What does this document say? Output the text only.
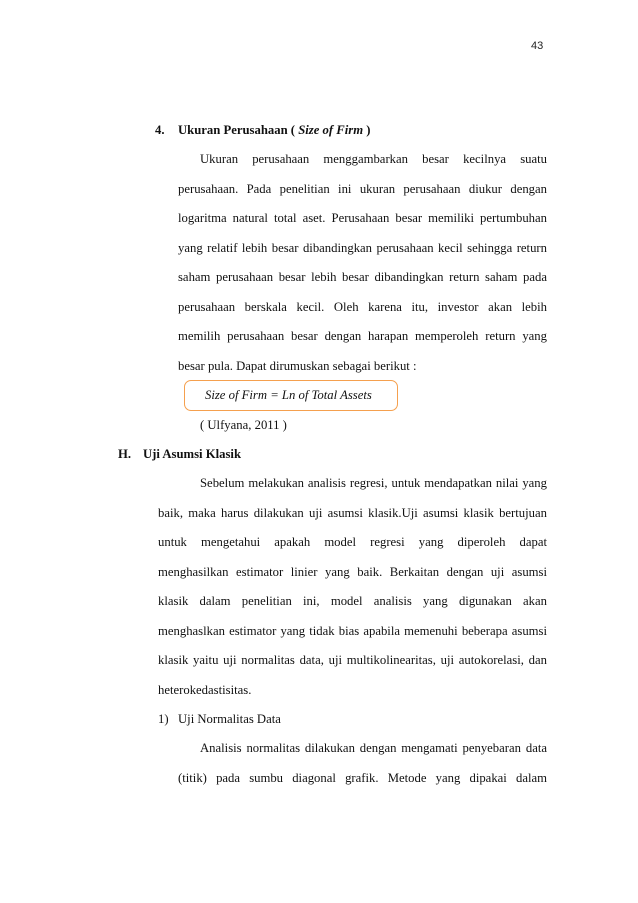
43
4. Ukuran Perusahaan ( Size of Firm )
Ukuran perusahaan menggambarkan besar kecilnya suatu
perusahaan. Pada penelitian ini ukuran perusahaan diukur dengan
logaritma natural total aset. Perusahaan besar memiliki pertumbuhan
yang relatif lebih besar dibandingkan perusahaan kecil sehingga return
saham perusahaan besar lebih besar dibandingkan return saham pada
perusahaan berskala kecil. Oleh karena itu, investor akan lebih
memilih perusahaan besar dengan harapan memperoleh return yang
besar pula. Dapat dirumuskan sebagai berikut :
Size of Firm = Ln of Total Assets
( Ulfyana, 2011 )
H. Uji Asumsi Klasik
Sebelum melakukan analisis regresi, untuk mendapatkan nilai yang
baik, maka harus dilakukan uji asumsi klasik.Uji asumsi klasik bertujuan
untuk mengetahui apakah model regresi yang diperoleh dapat
menghasilkan estimator linier yang baik. Berkaitan dengan uji asumsi
klasik dalam penelitian ini, model analisis yang digunakan akan
menghaslkan estimator yang tidak bias apabila memenuhi beberapa asumsi
klasik yaitu uji normalitas data, uji multikolinearitas, uji autokorelasi, dan
heterokedastisitas.
1) Uji Normalitas Data
Analisis normalitas dilakukan dengan mengamati penyebaran data
(titik) pada sumbu diagonal grafik. Metode yang dipakai dalam
